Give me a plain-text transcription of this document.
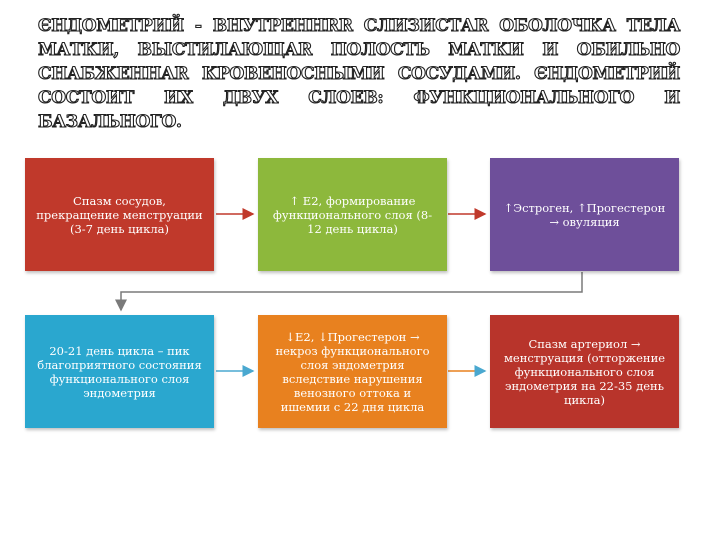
ЄНДОМЕТРИЙ - ВНУТРЕННRR СЛИЗИСТАR ОБОЛОЧКА ТЕЛА МАТКИ, ВЫСТИЛАЮЩАR ПОЛОСТЬ МАТКИ И ОБИЛЬНО СНАБЖЕННАR КРОВЕНОСНЫМИ СОСУДАМИ. ЄНДОМЕТРИЙ СОСТОИТ ИХ ДВУХ СЛОЕВ: ФУНКЦИОНАЛЬНОГО И БАЗАЛЬНОГО.
Спазм сосудов, прекращение менструации (3-7 день цикла)
↑ E2, формирование функционального слоя (8-12 день цикла)
↑Эстроген, ↑Прогестерон → овуляция
20-21 день цикла – пик благоприятного состояния функционального слоя эндометрия
↓E2, ↓Прогестерон → некроз функционального слоя эндометрия вследствие нарушения венозного оттока и ишемии с 22 дня цикла
Спазм артериол → менструация (отторжение функционального слоя эндометрия на 22-35 день цикла)
